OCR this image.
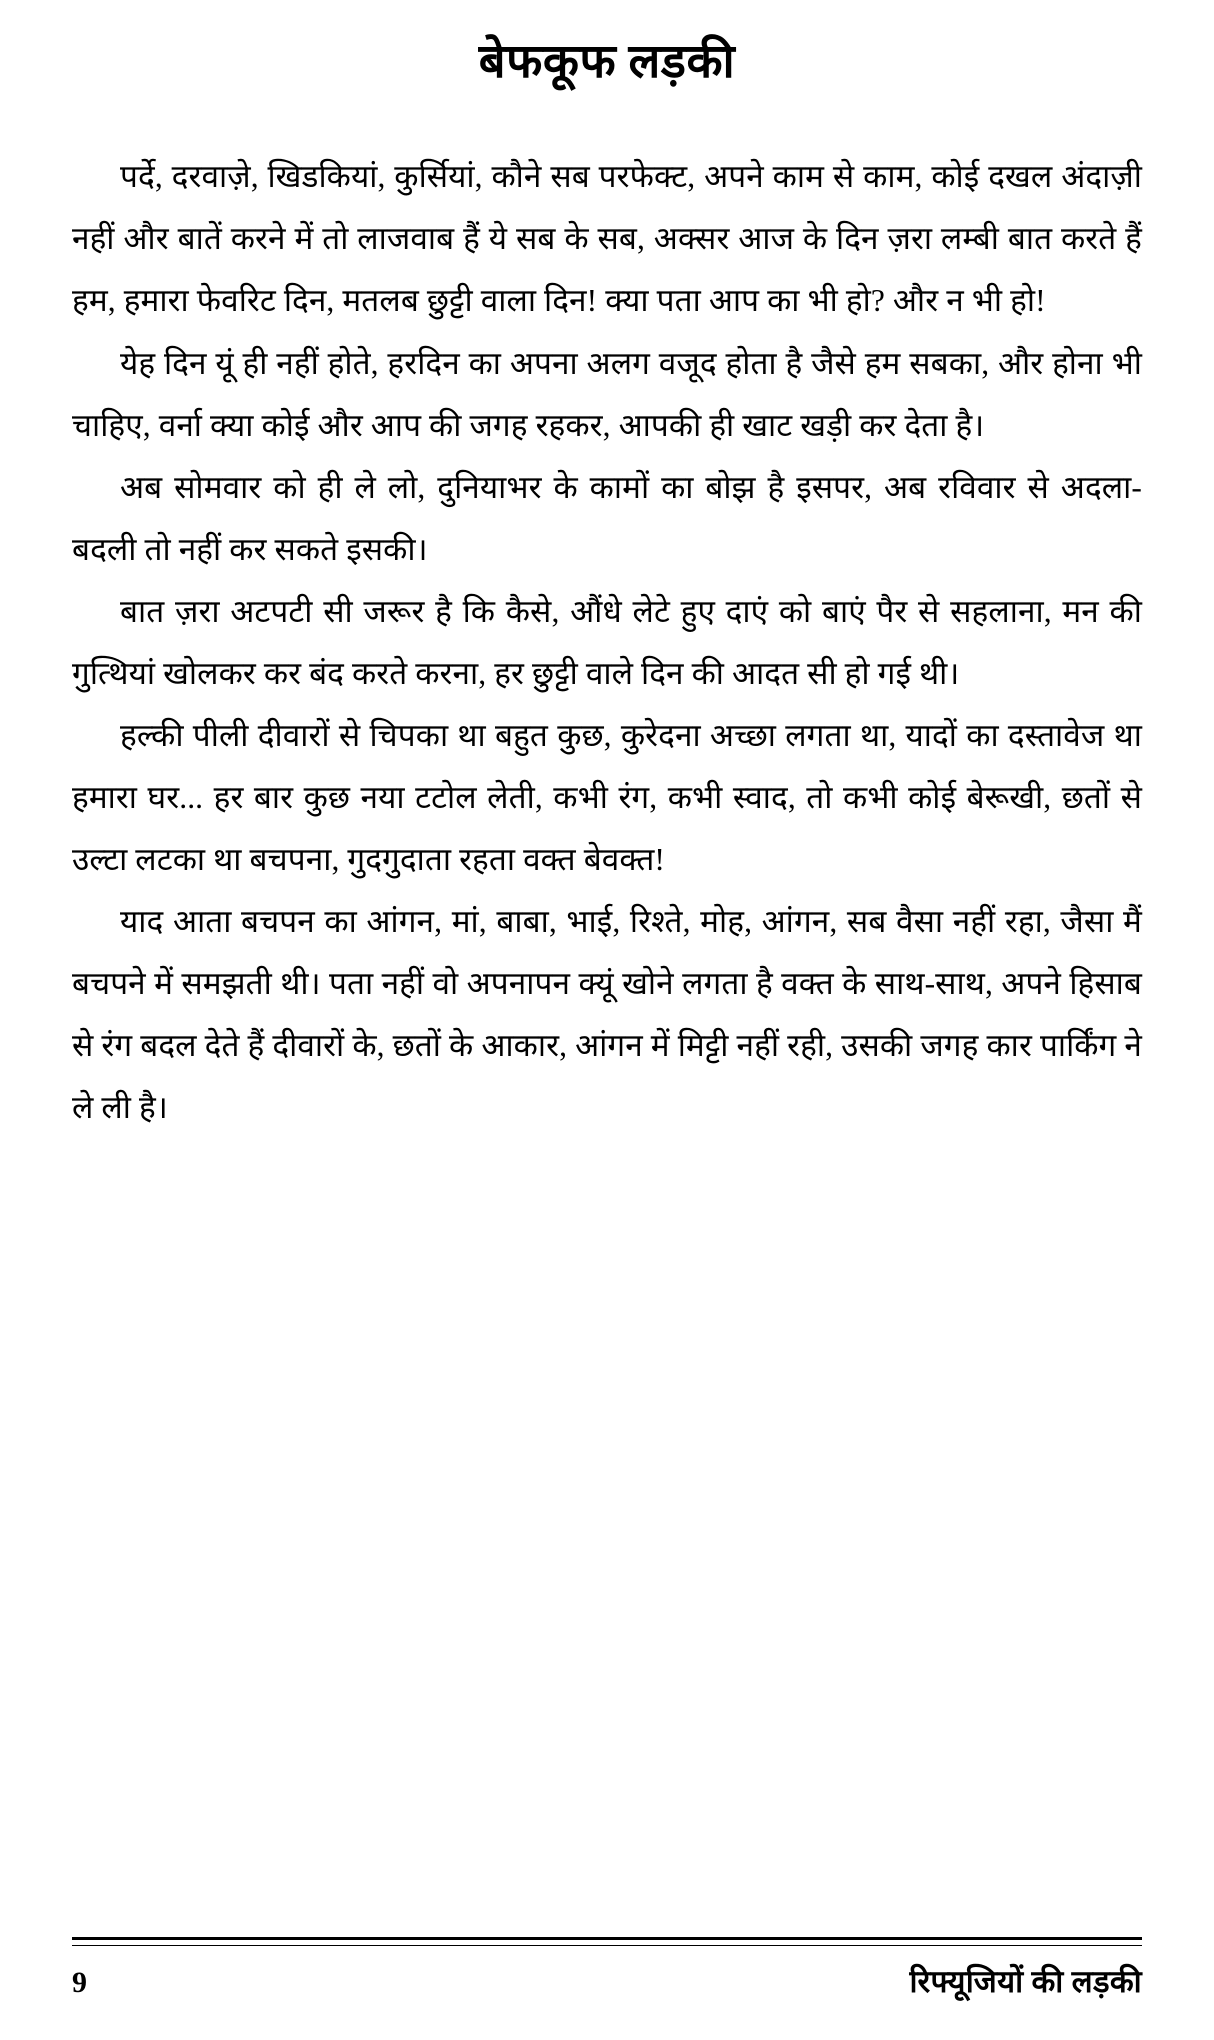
बेफकूफ लड़की

पर्दे, दरवाज़े, खिडकियां, कुर्सियां, कौने सब परफेक्ट, अपने काम से काम, कोई दखल अंदाज़ी नहीं और बातें करने में तो लाजवाब हैं ये सब के सब, अक्सर आज के दिन ज़रा लम्बी बात करते हैं हम, हमारा फेवरिट दिन, मतलब छुट्टी वाला दिन! क्या पता आप का भी हो? और न भी हो!

येह दिन यूं ही नहीं होते, हरदिन का अपना अलग वजूद होता है जैसे हम सबका, और होना भी चाहिए, वर्ना क्या कोई और आप की जगह रहकर, आपकी ही खाट खड़ी कर देता है।

अब सोमवार को ही ले लो, दुनियाभर के कामों का बोझ है इसपर, अब रविवार से अदला-बदली तो नहीं कर सकते इसकी।

बात ज़रा अटपटी सी जरूर है कि कैसे, औंधे लेटे हुए दाएं को बाएं पैर से सहलाना, मन की गुत्थियां खोलकर कर बंद करते करना, हर छुट्टी वाले दिन की आदत सी हो गई थी।

हल्की पीली दीवारों से चिपका था बहुत कुछ, कुरेदना अच्छा लगता था, यादों का दस्तावेज था हमारा घर... हर बार कुछ नया टटोल लेती, कभी रंग, कभी स्वाद, तो कभी कोई बेरूखी, छतों से उल्टा लटका था बचपना, गुदगुदाता रहता वक्त बेवक्त!

याद आता बचपन का आंगन, मां, बाबा, भाई, रिश्ते, मोह, आंगन, सब वैसा नहीं रहा, जैसा मैं बचपने में समझती थी। पता नहीं वो अपनापन क्यूं खोने लगता है वक्त के साथ-साथ, अपने हिसाब से रंग बदल देते हैं दीवारों के, छतों के आकार, आंगन में मिट्टी नहीं रही, उसकी जगह कार पार्किंग ने ले ली है।

9	रिफ्यूजियों की लड़की
